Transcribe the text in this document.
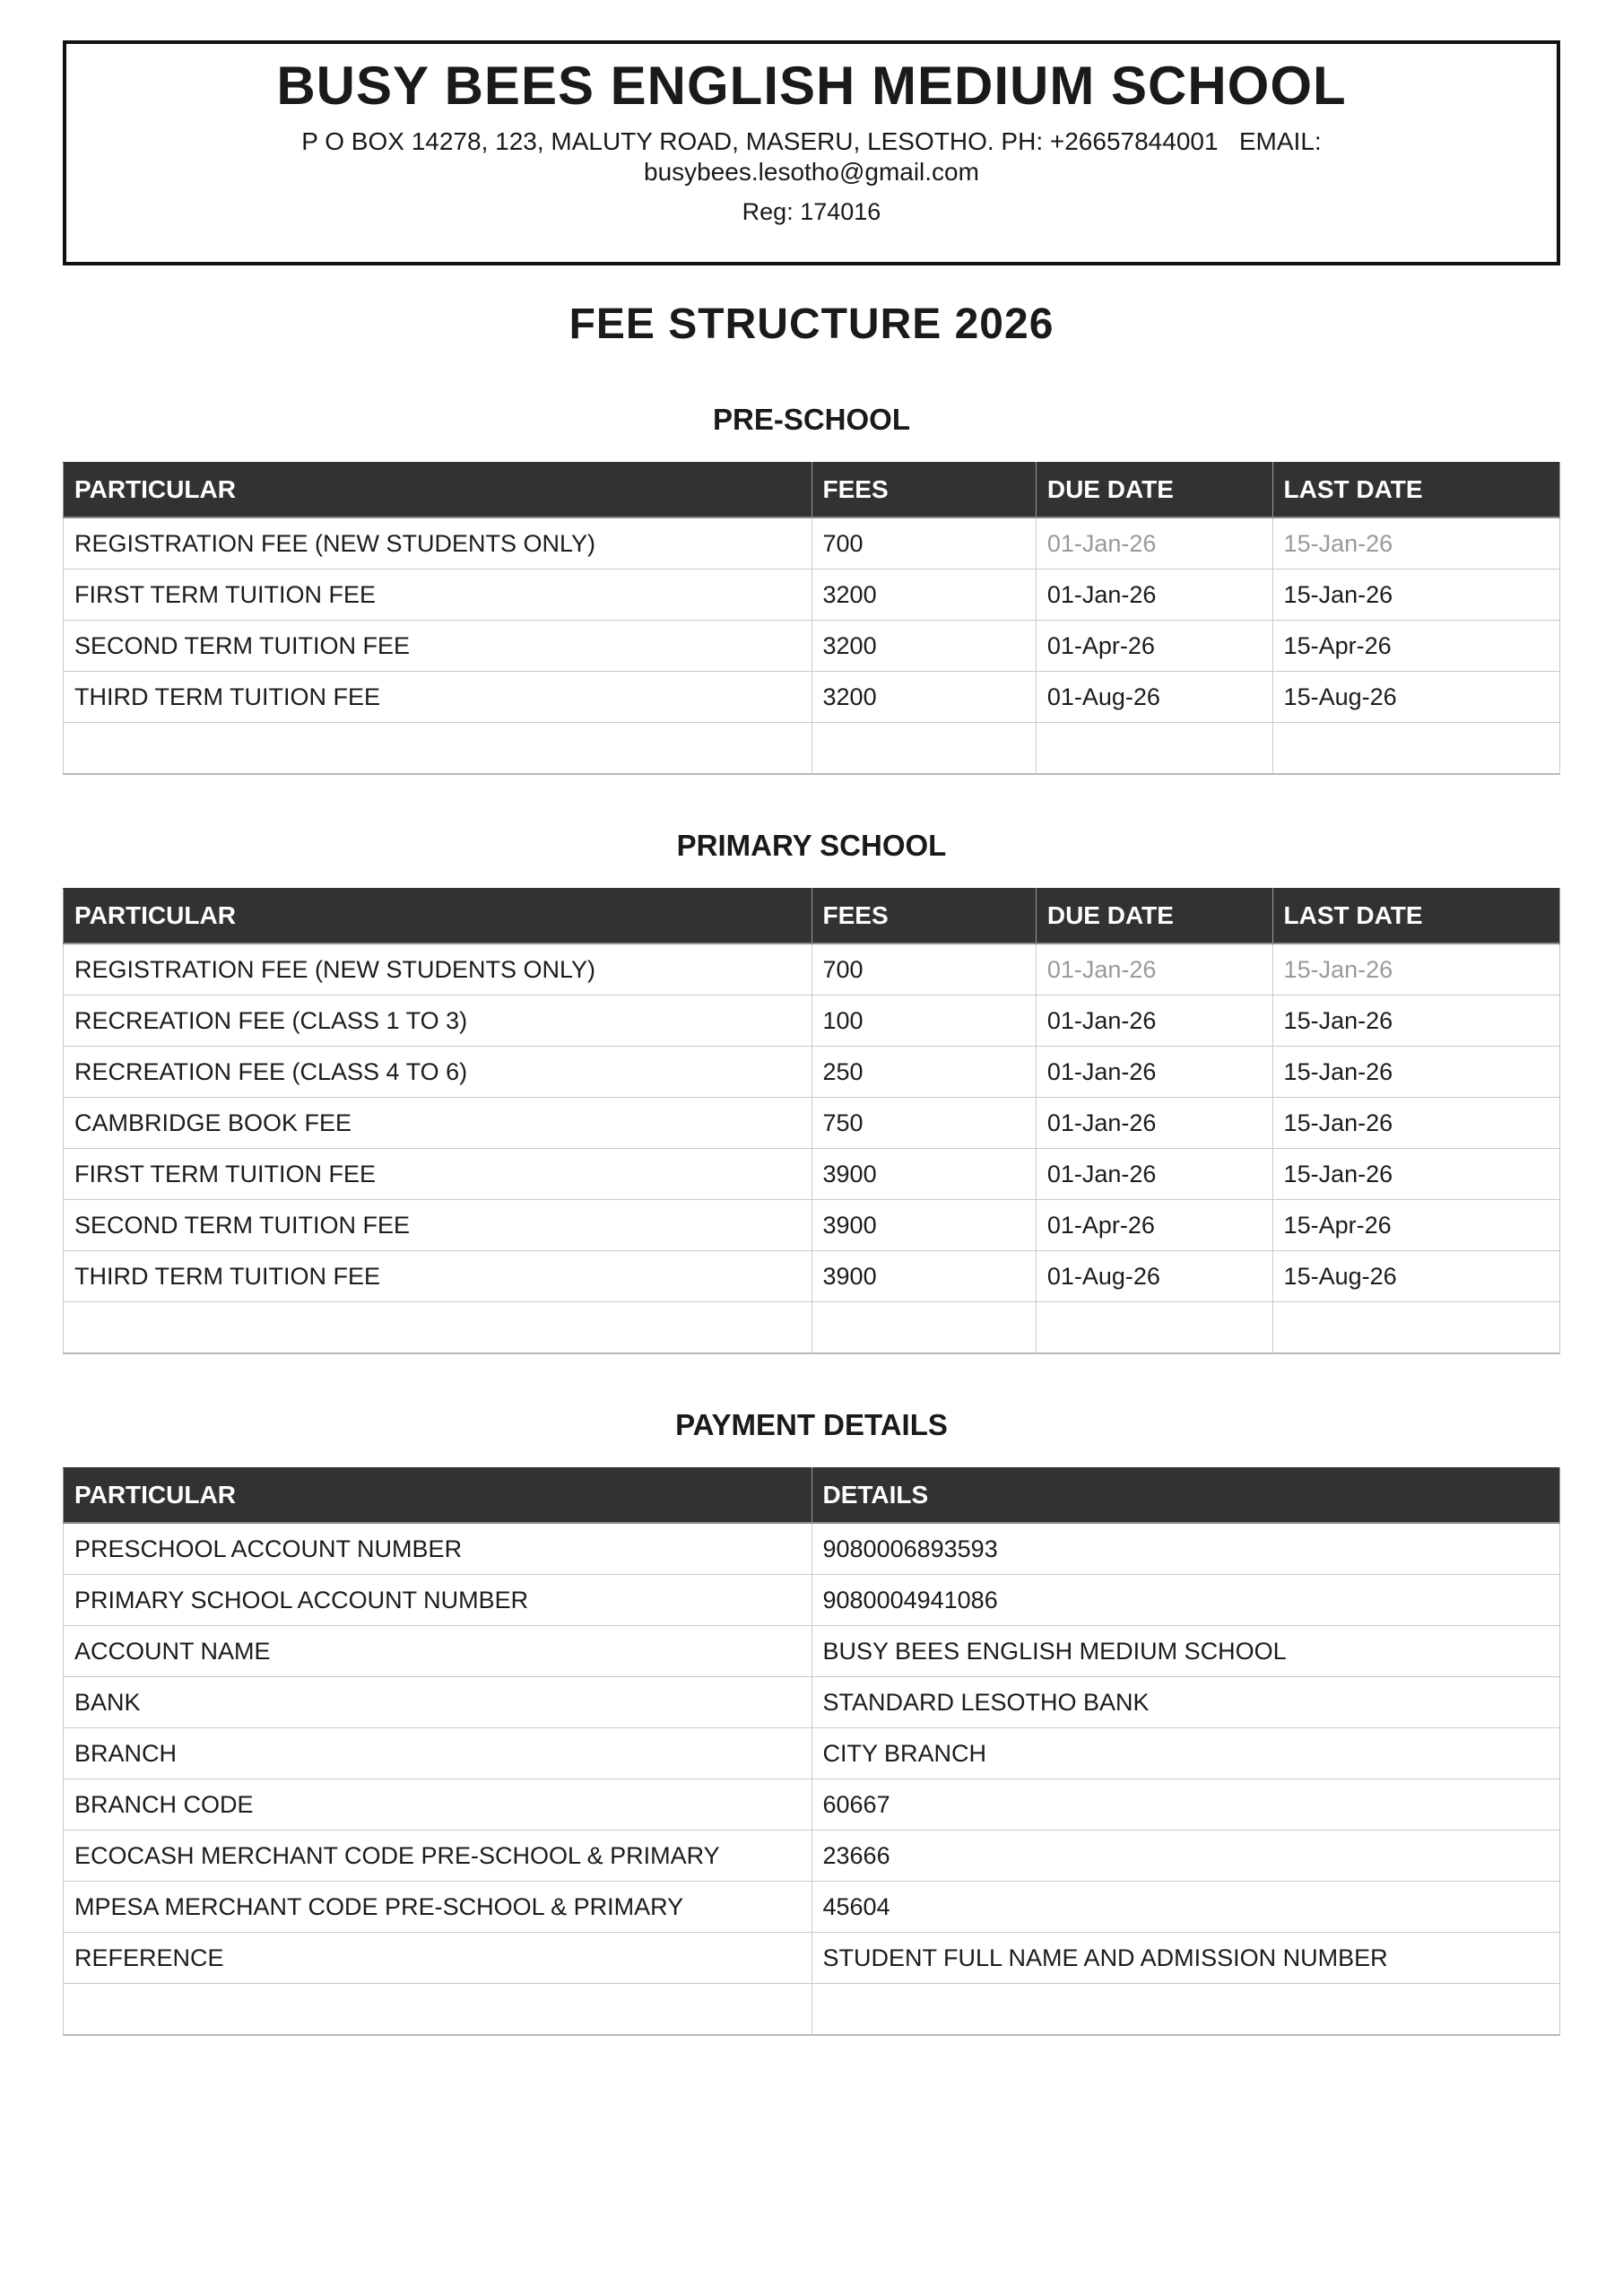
BUSY BEES ENGLISH MEDIUM SCHOOL
P O BOX 14278, 123, MALUTY ROAD, MASERU, LESOTHO. PH: +26657844001   EMAIL:
busybees.lesotho@gmail.com
Reg: 174016
FEE STRUCTURE 2026
PRE-SCHOOL
PARTICULAR	FEES	DUE DATE	LAST DATE
REGISTRATION FEE (NEW STUDENTS ONLY)	700	01-Jan-26	15-Jan-26
FIRST TERM TUITION FEE	3200	01-Jan-26	15-Jan-26
SECOND TERM TUITION FEE	3200	01-Apr-26	15-Apr-26
THIRD TERM TUITION FEE	3200	01-Aug-26	15-Aug-26

PRIMARY SCHOOL
PARTICULAR	FEES	DUE DATE	LAST DATE
REGISTRATION FEE (NEW STUDENTS ONLY)	700	01-Jan-26	15-Jan-26
RECREATION FEE (CLASS 1 TO 3)	100	01-Jan-26	15-Jan-26
RECREATION FEE (CLASS 4 TO 6)	250	01-Jan-26	15-Jan-26
CAMBRIDGE BOOK FEE	750	01-Jan-26	15-Jan-26
FIRST TERM TUITION FEE	3900	01-Jan-26	15-Jan-26
SECOND TERM TUITION FEE	3900	01-Apr-26	15-Apr-26
THIRD TERM TUITION FEE	3900	01-Aug-26	15-Aug-26

PAYMENT DETAILS
PARTICULAR	DETAILS
PRESCHOOL ACCOUNT NUMBER	9080006893593
PRIMARY SCHOOL ACCOUNT NUMBER	9080004941086
ACCOUNT NAME	BUSY BEES ENGLISH MEDIUM SCHOOL
BANK	STANDARD LESOTHO BANK
BRANCH	CITY BRANCH
BRANCH CODE	60667
ECOCASH MERCHANT CODE PRE-SCHOOL & PRIMARY	23666
MPESA MERCHANT CODE PRE-SCHOOL & PRIMARY	45604
REFERENCE	STUDENT FULL NAME AND ADMISSION NUMBER
